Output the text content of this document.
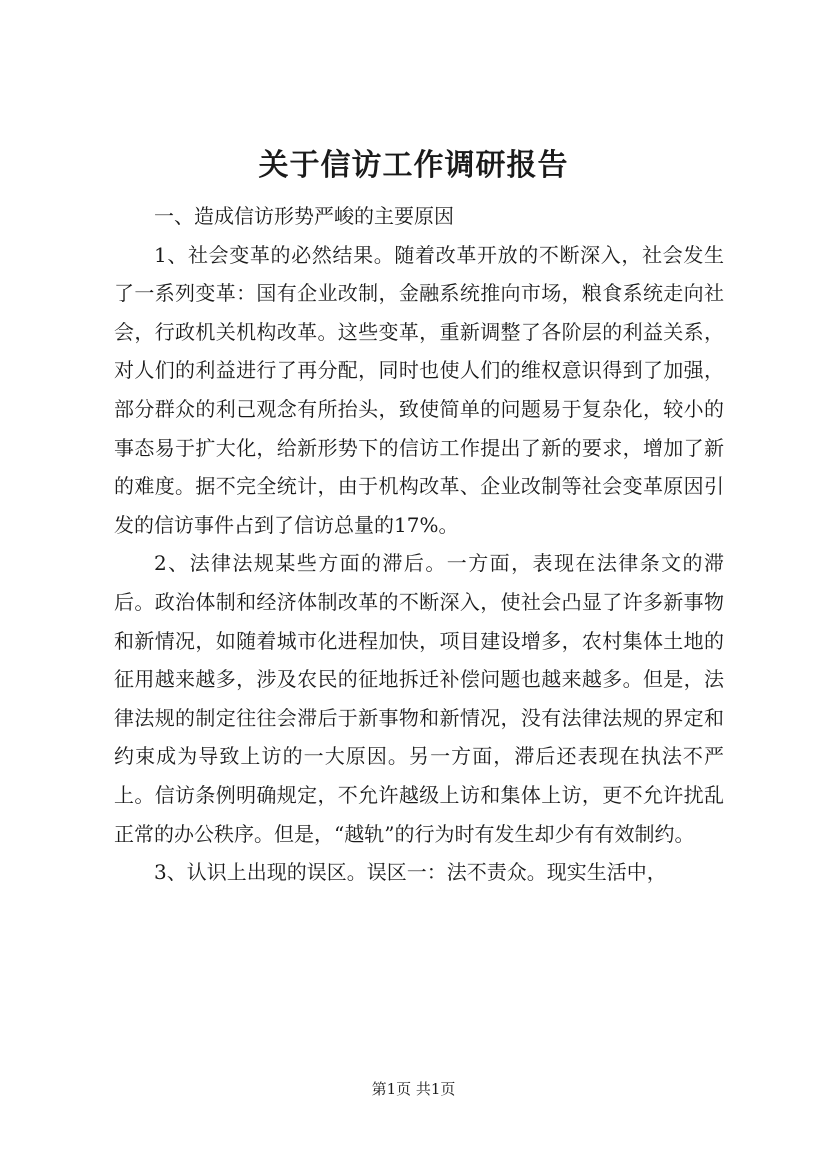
关于信访工作调研报告

一、造成信访形势严峻的主要原因

1、社会变革的必然结果。随着改革开放的不断深入，社会发生了一系列变革：国有企业改制，金融系统推向市场，粮食系统走向社会，行政机关机构改革。这些变革，重新调整了各阶层的利益关系，对人们的利益进行了再分配，同时也使人们的维权意识得到了加强，部分群众的利己观念有所抬头，致使简单的问题易于复杂化，较小的事态易于扩大化，给新形势下的信访工作提出了新的要求，增加了新的难度。据不完全统计，由于机构改革、企业改制等社会变革原因引发的信访事件占到了信访总量的17%。

2、法律法规某些方面的滞后。一方面，表现在法律条文的滞后。政治体制和经济体制改革的不断深入，使社会凸显了许多新事物和新情况，如随着城市化进程加快，项目建设增多，农村集体土地的征用越来越多，涉及农民的征地拆迁补偿问题也越来越多。但是，法律法规的制定往往会滞后于新事物和新情况，没有法律法规的界定和约束成为导致上访的一大原因。另一方面，滞后还表现在执法不严上。信访条例明确规定，不允许越级上访和集体上访，更不允许扰乱正常的办公秩序。但是，“越轨”的行为时有发生却少有有效制约。

3、认识上出现的误区。误区一：法不责众。现实生活中，

第1页 共1页
